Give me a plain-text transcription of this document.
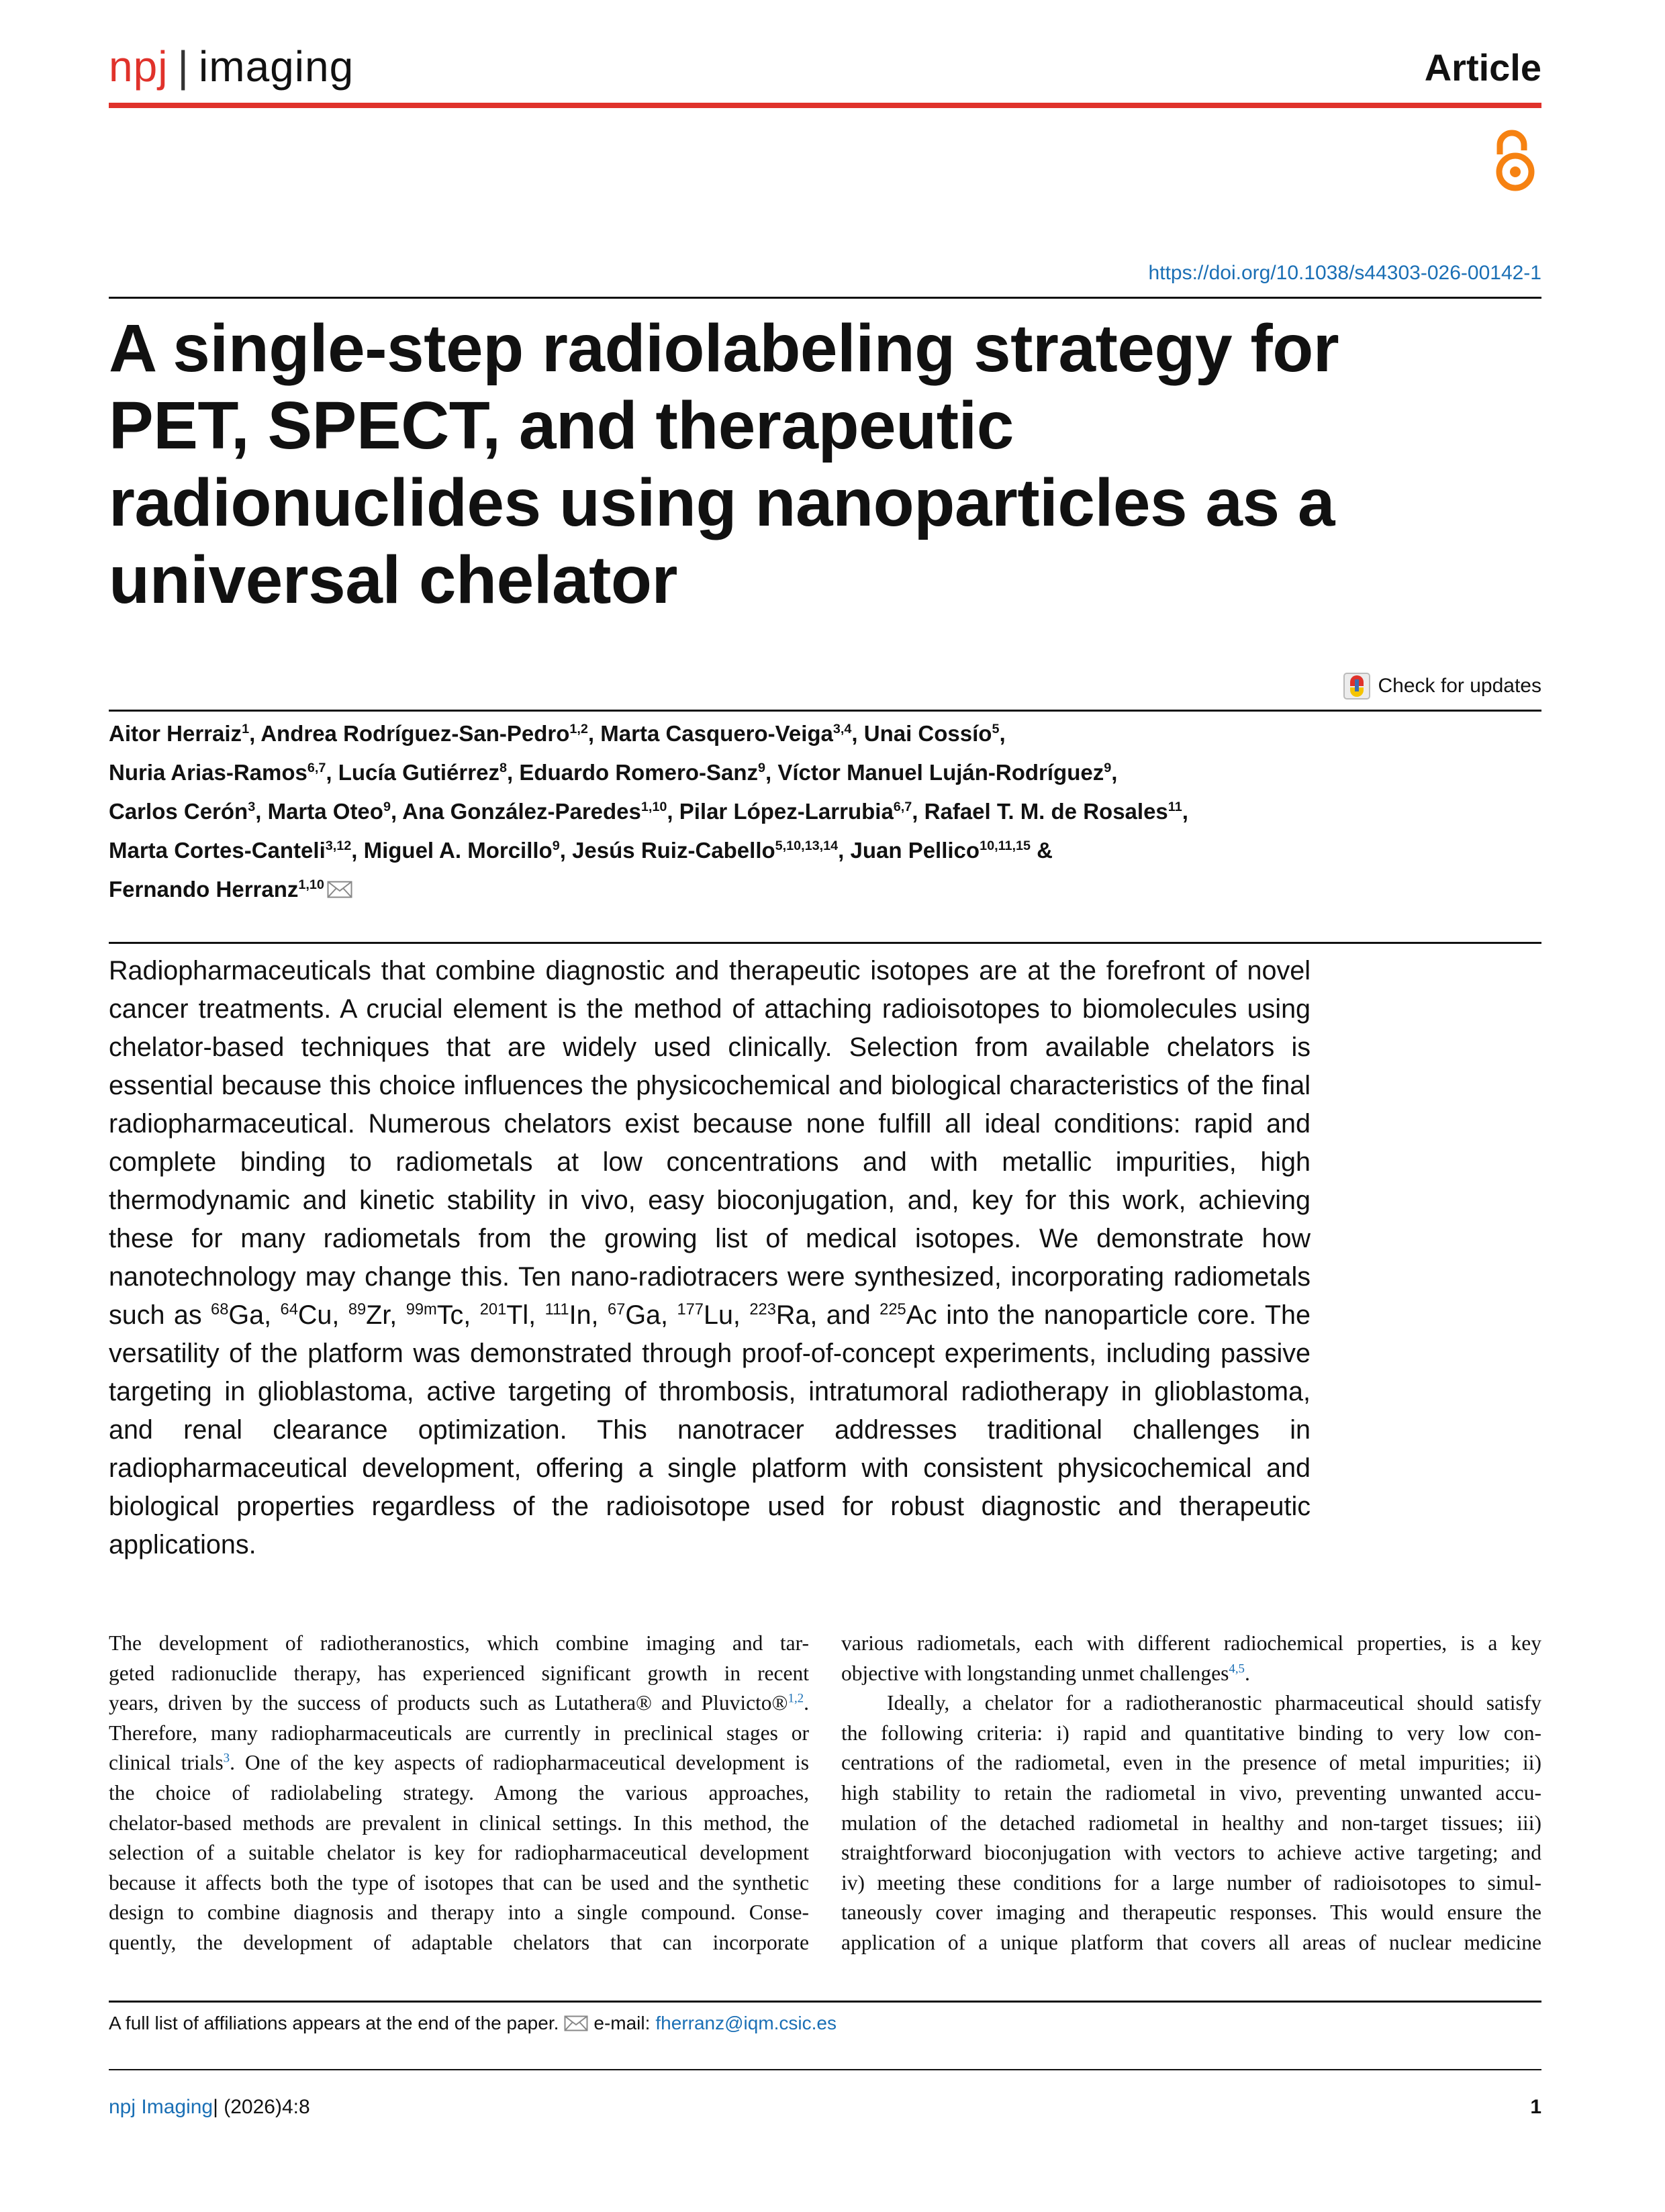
npj | imaging	Article
https://doi.org/10.1038/s44303-026-00142-1
A single-step radiolabeling strategy for
PET, SPECT, and therapeutic
radionuclides using nanoparticles as a
universal chelator
Check for updates
Aitor Herraiz$^1$, Andrea Rodríguez-San-Pedro$^{1,2}$, Marta Casquero-Veiga$^{3,4}$, Unai Cossío$^5$,
Nuria Arias-Ramos$^{6,7}$, Lucía Gutiérrez$^8$, Eduardo Romero-Sanz$^9$, Víctor Manuel Luján-Rodríguez$^9$,
Carlos Cerón$^3$, Marta Oteo$^9$, Ana González-Paredes$^{1,10}$, Pilar López-Larrubia$^{6,7}$, Rafael T. M. de Rosales$^{11}$,
Marta Cortes-Canteli$^{3,12}$, Miguel A. Morcillo$^9$, Jesús Ruiz-Cabello$^{5,10,13,14}$, Juan Pellico$^{10,11,15}$ &
Fernando Herranz$^{1,10}$
Radiopharmaceuticals that combine diagnostic and therapeutic isotopes are at the forefront of novel
cancer treatments. A crucial element is the method of attaching radioisotopes to biomolecules using
chelator-based techniques that are widely used clinically. Selection from available chelators is
essential because this choice influences the physicochemical and biological characteristics of the final
radiopharmaceutical. Numerous chelators exist because none fulfill all ideal conditions: rapid and
complete binding to radiometals at low concentrations and with metallic impurities, high
thermodynamic and kinetic stability in vivo, easy bioconjugation, and, key for this work, achieving
these for many radiometals from the growing list of medical isotopes. We demonstrate how
nanotechnology may change this. Ten nano-radiotracers were synthesized, incorporating radiometals
such as $^{68}$Ga, $^{64}$Cu, $^{89}$Zr, $^{99m}$Tc, $^{201}$Tl, $^{111}$In, $^{67}$Ga, $^{177}$Lu, $^{223}$Ra, and $^{225}$Ac into the nanoparticle core. The
versatility of the platform was demonstrated through proof-of-concept experiments, including passive
targeting in glioblastoma, active targeting of thrombosis, intratumoral radiotherapy in glioblastoma,
and renal clearance optimization. This nanotracer addresses traditional challenges in
radiopharmaceutical development, offering a single platform with consistent physicochemical and
biological properties regardless of the radioisotope used for robust diagnostic and therapeutic
applications.
The development of radiotheranostics, which combine imaging and tar-
geted radionuclide therapy, has experienced significant growth in recent
years, driven by the success of products such as Lutathera® and Pluvicto®$^{1,2}$.
Therefore, many radiopharmaceuticals are currently in preclinical stages or
clinical trials$^3$. One of the key aspects of radiopharmaceutical development is
the choice of radiolabeling strategy. Among the various approaches,
chelator-based methods are prevalent in clinical settings. In this method, the
selection of a suitable chelator is key for radiopharmaceutical development
because it affects both the type of isotopes that can be used and the synthetic
design to combine diagnosis and therapy into a single compound. Conse-
quently, the development of adaptable chelators that can incorporate
various radiometals, each with different radiochemical properties, is a key
objective with longstanding unmet challenges$^{4,5}$.
Ideally, a chelator for a radiotheranostic pharmaceutical should satisfy
the following criteria: i) rapid and quantitative binding to very low con-
centrations of the radiometal, even in the presence of metal impurities; ii)
high stability to retain the radiometal in vivo, preventing unwanted accu-
mulation of the detached radiometal in healthy and non-target tissues; iii)
straightforward bioconjugation with vectors to achieve active targeting; and
iv) meeting these conditions for a large number of radioisotopes to simul-
taneously cover imaging and therapeutic responses. This would ensure the
application of a unique platform that covers all areas of nuclear medicine
A full list of affiliations appears at the end of the paper. e-mail: fherranz@iqm.csic.es
npj Imaging| (2026)4:8	1
